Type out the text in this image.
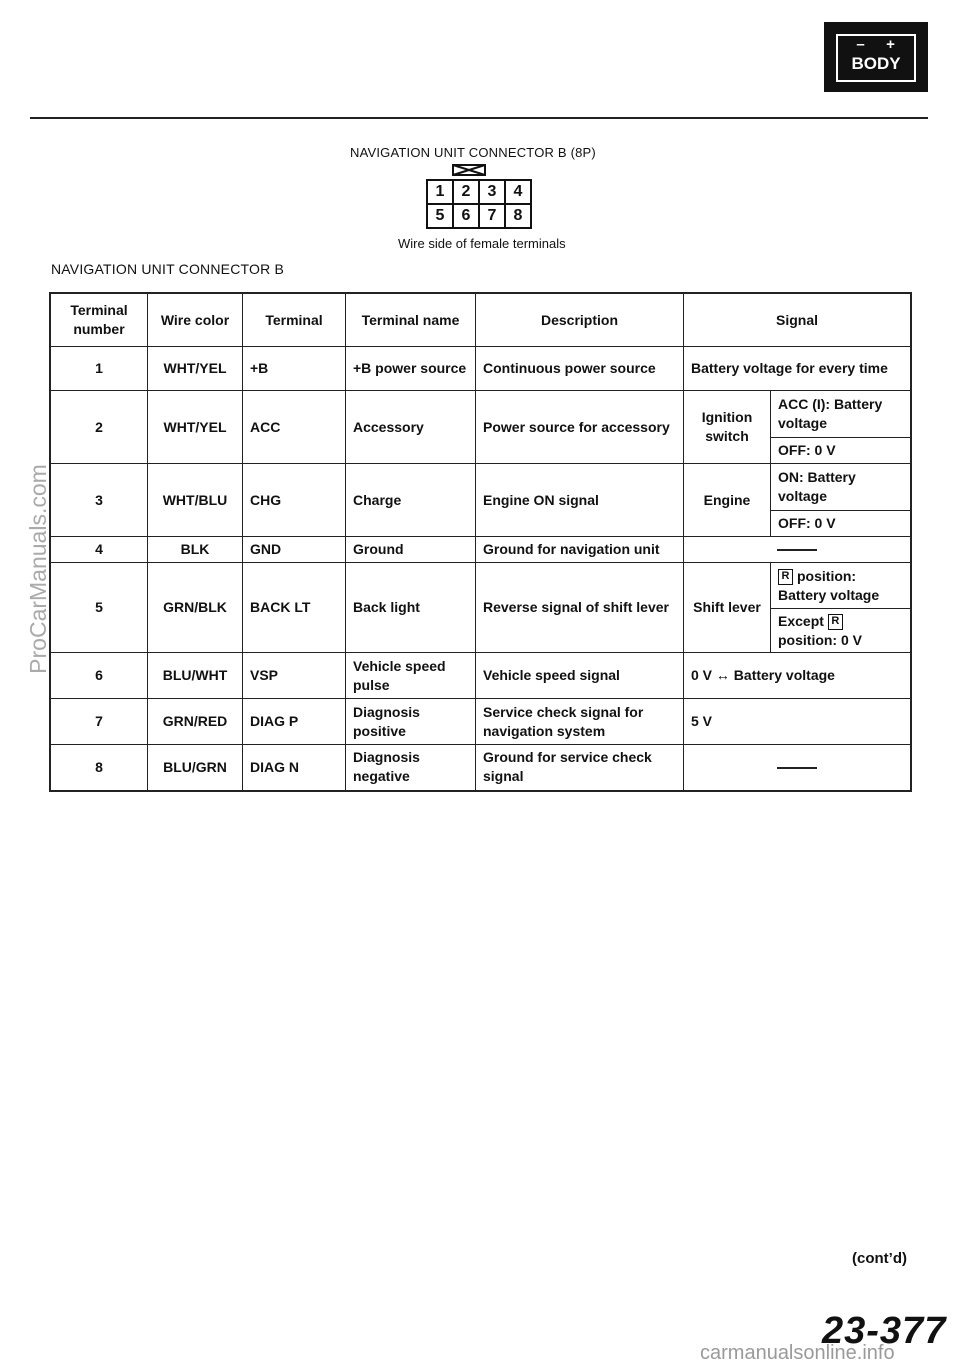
– +
BODY
NAVIGATION UNIT CONNECTOR B (8P)
1	2	3	4
5	6	7	8
Wire side of female terminals
NAVIGATION UNIT CONNECTOR B
Terminal number	Wire color	Terminal	Terminal name	Description	Signal	
1	WHT/YEL	+B	+B power source	Continuous power source	Battery voltage for every time	
2	WHT/YEL	ACC	Accessory	Power source for accessory	Ignition switch	ACC (I): Battery voltage
						OFF: 0 V
3	WHT/BLU	CHG	Charge	Engine ON signal	Engine	ON: Battery voltage
						OFF: 0 V
4	BLK	GND	Ground	Ground for navigation unit		
5	GRN/BLK	BACK LT	Back light	Reverse signal of shift lever	Shift lever	R position: Battery voltage
						Except Rposition: 0 V
6	BLU/WHT	VSP	Vehicle speed pulse	Vehicle speed signal	0 V ↔ Battery voltage	
7	GRN/RED	DIAG P	Diagnosis positive	Service check signal for navigation system	5 V	
8	BLU/GRN	DIAG N	Diagnosis negative	Ground for service check signal		
ProCarManuals.com
(cont’d)
23-377
carmanualsonline.info
